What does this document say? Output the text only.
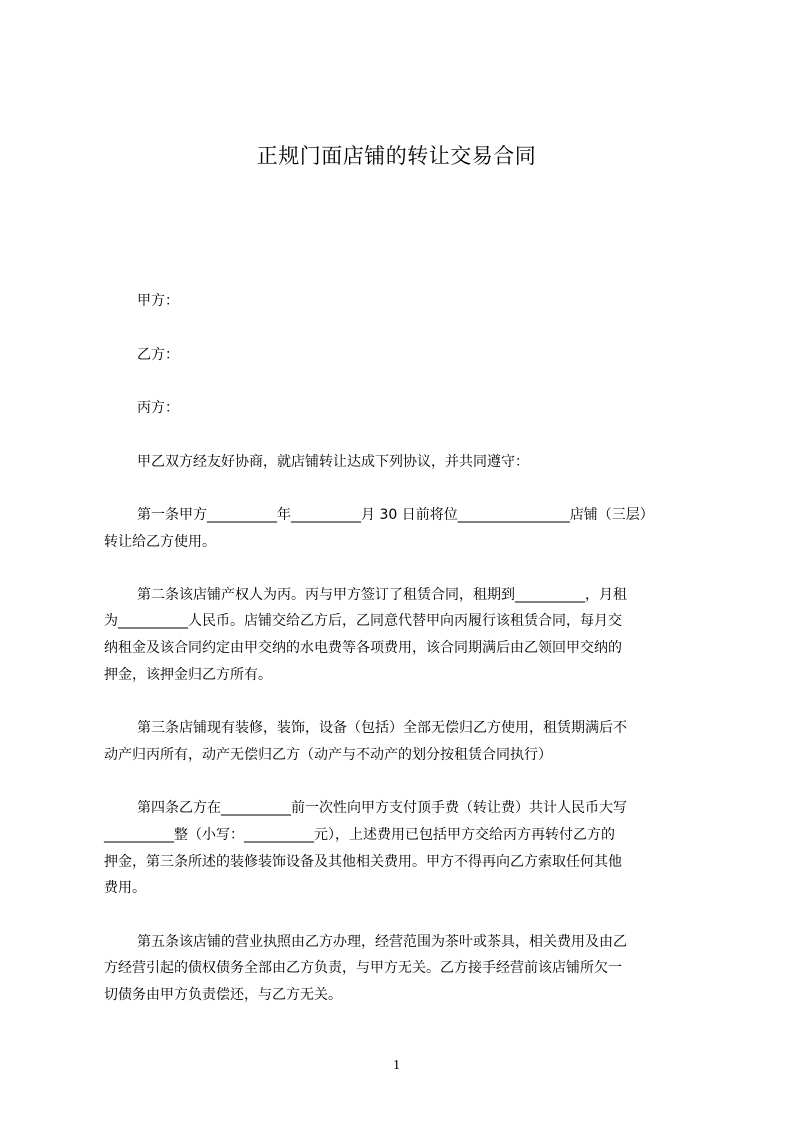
正规门面店铺的转让交易合同
甲方：
乙方：
丙方：
甲乙双方经友好协商，就店铺转让达成下列协议，并共同遵守：
第一条甲方__________年__________月 30 日前将位________________店铺（三层）
转让给乙方使用。
第二条该店铺产权人为丙。丙与甲方签订了租赁合同，租期到__________，月租
为__________人民币。店铺交给乙方后，乙同意代替甲向丙履行该租赁合同，每月交
纳租金及该合同约定由甲交纳的水电费等各项费用，该合同期满后由乙领回甲交纳的
押金，该押金归乙方所有。
第三条店铺现有装修，装饰，设备（包括）全部无偿归乙方使用，租赁期满后不
动产归丙所有，动产无偿归乙方（动产与不动产的划分按租赁合同执行）
第四条乙方在__________前一次性向甲方支付顶手费（转让费）共计人民币大写
__________整（小写：__________元），上述费用已包括甲方交给丙方再转付乙方的
押金，第三条所述的装修装饰设备及其他相关费用。甲方不得再向乙方索取任何其他
费用。
第五条该店铺的营业执照由乙方办理，经营范围为茶叶或茶具，相关费用及由乙
方经营引起的债权债务全部由乙方负责，与甲方无关。乙方接手经营前该店铺所欠一
切债务由甲方负责偿还，与乙方无关。
1
